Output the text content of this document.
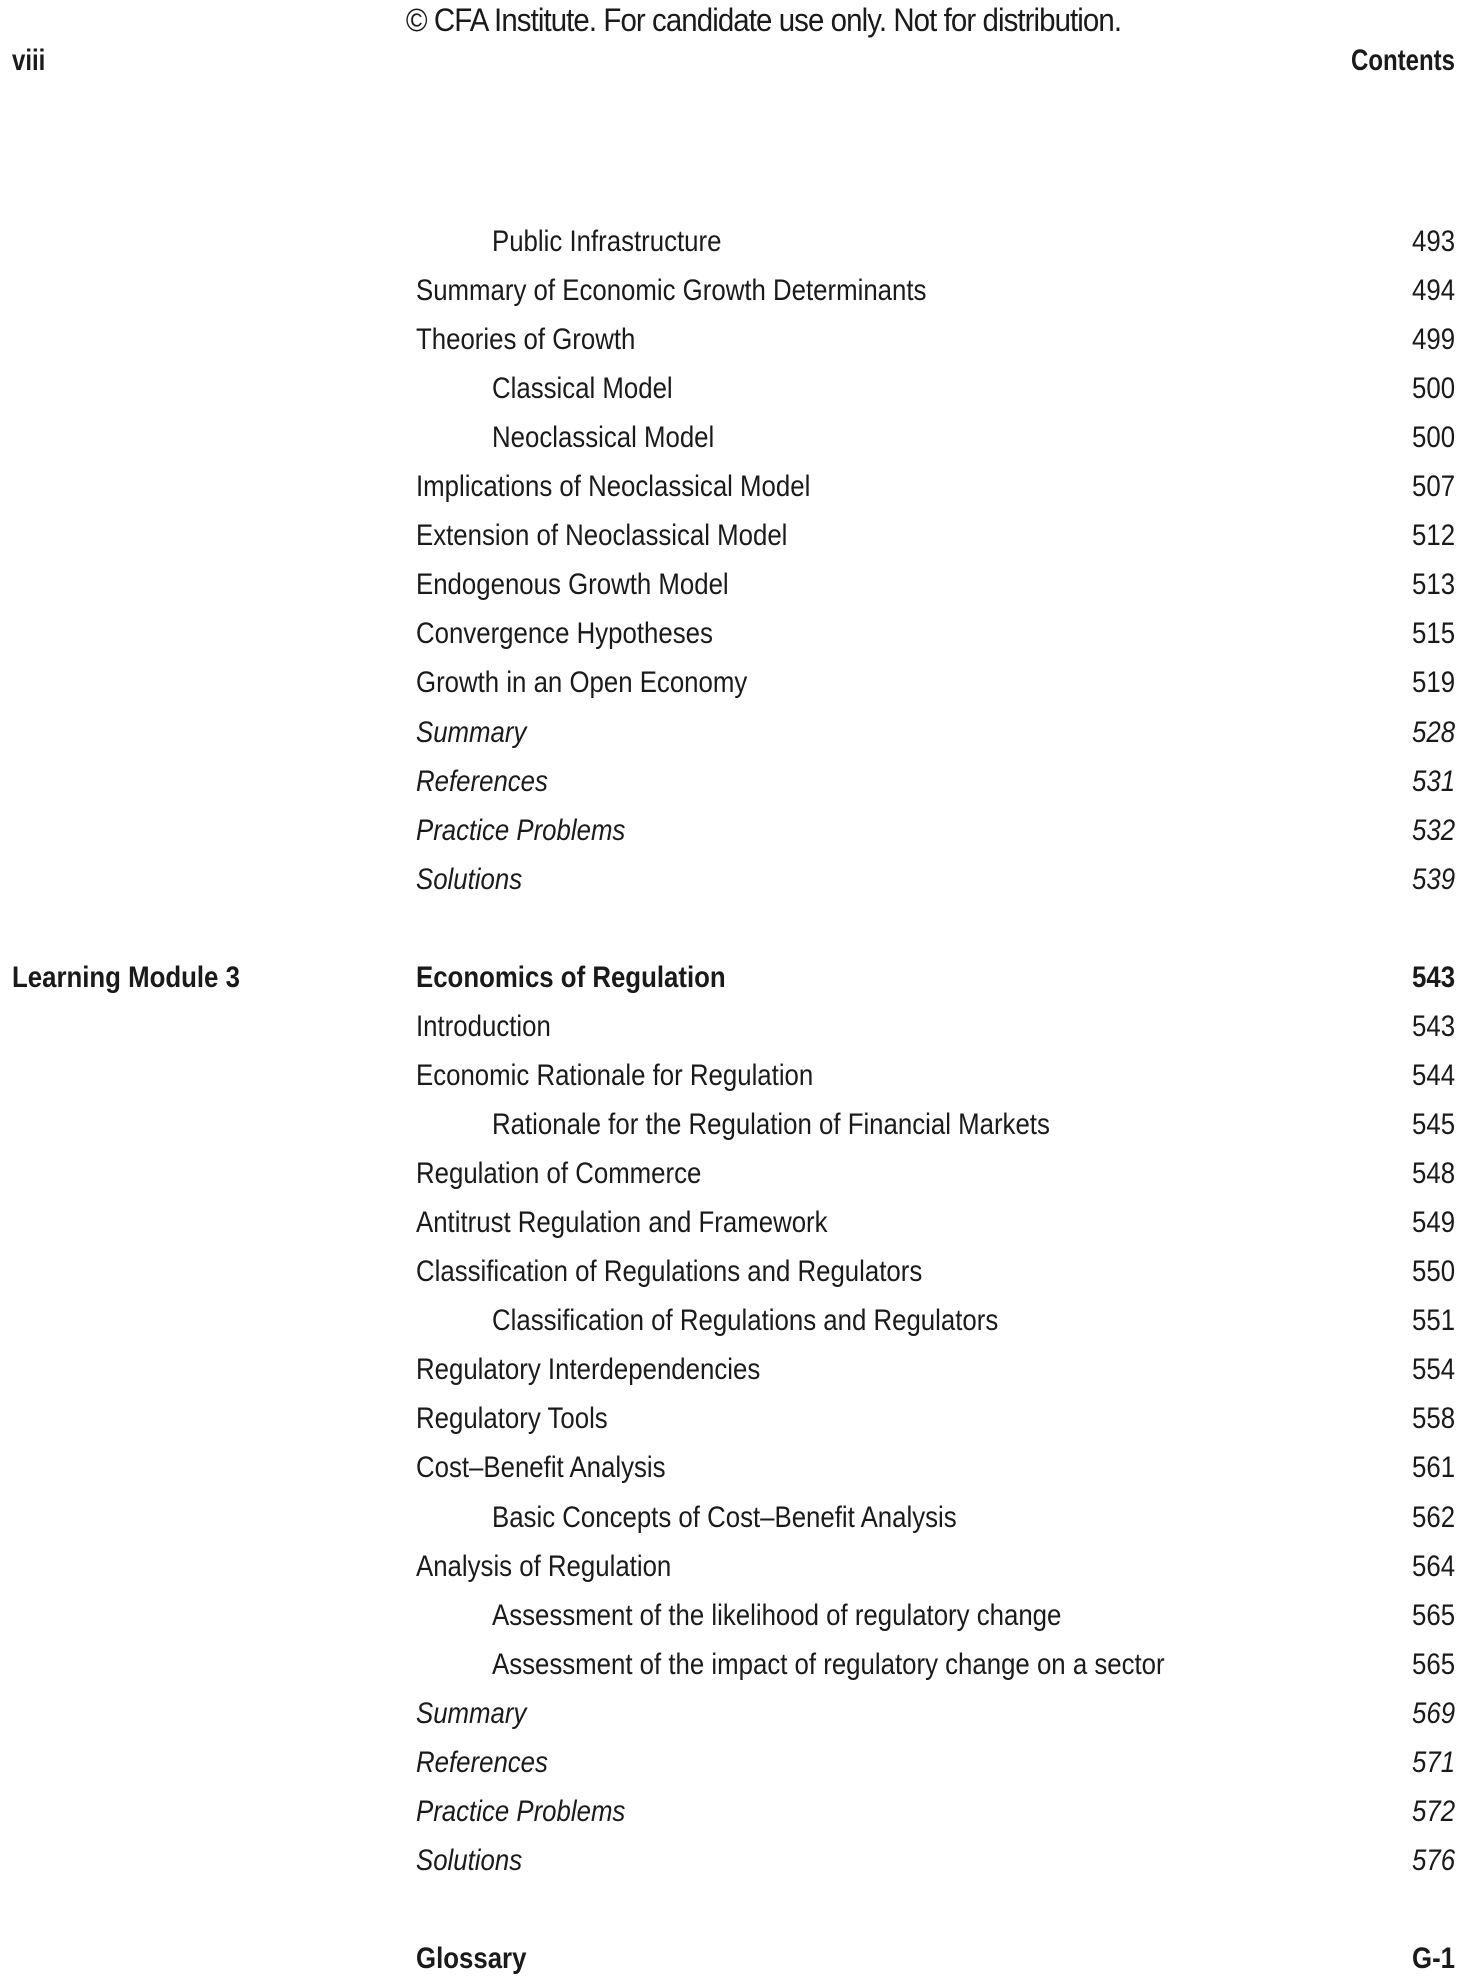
© CFA Institute. For candidate use only. Not for distribution.
viii	Contents
Public Infrastructure	493
Summary of Economic Growth Determinants	494
Theories of Growth	499
Classical Model	500
Neoclassical Model	500
Implications of Neoclassical Model	507
Extension of Neoclassical Model	512
Endogenous Growth Model	513
Convergence Hypotheses	515
Growth in an Open Economy	519
Summary	528
References	531
Practice Problems	532
Solutions	539
Learning Module 3	Economics of Regulation	543
Introduction	543
Economic Rationale for Regulation	544
Rationale for the Regulation of Financial Markets	545
Regulation of Commerce	548
Antitrust Regulation and Framework	549
Classification of Regulations and Regulators	550
Classification of Regulations and Regulators	551
Regulatory Interdependencies	554
Regulatory Tools	558
Cost–Benefit Analysis	561
Basic Concepts of Cost–Benefit Analysis	562
Analysis of Regulation	564
Assessment of the likelihood of regulatory change	565
Assessment of the impact of regulatory change on a sector	565
Summary	569
References	571
Practice Problems	572
Solutions	576
Glossary	G-1
